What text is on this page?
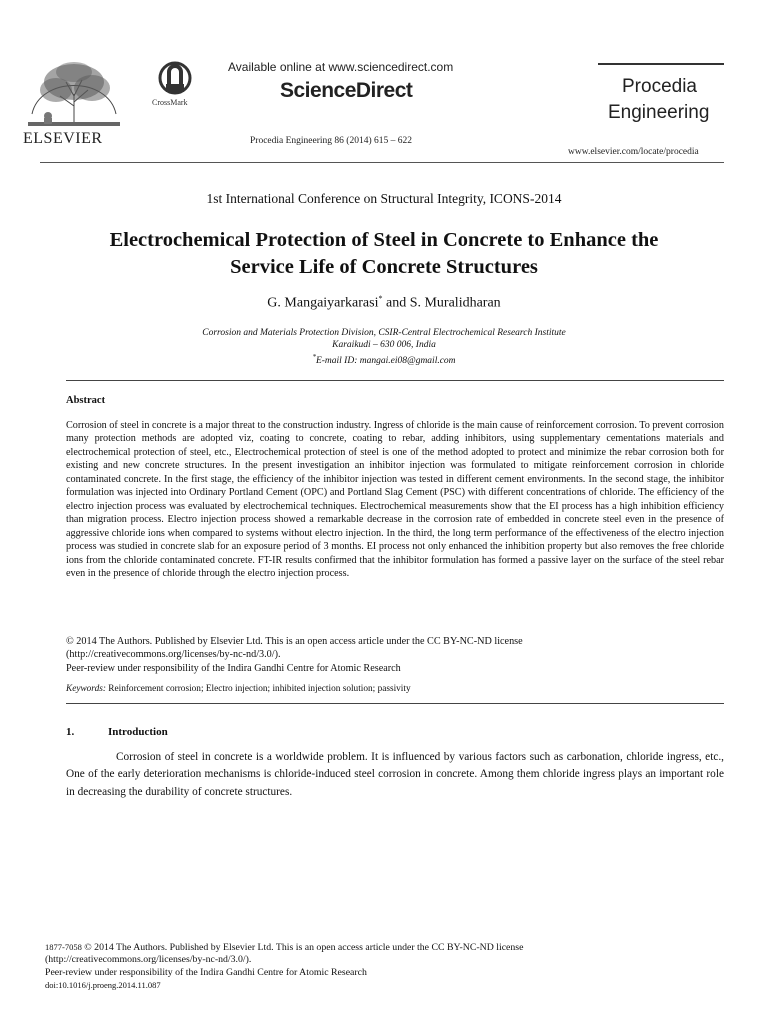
ELSEVIER
CrossMark
Available online at www.sciencedirect.com
ScienceDirect
Procedia Engineering 86 (2014) 615 – 622
Procedia
Engineering
www.elsevier.com/locate/procedia
1st International Conference on Structural Integrity, ICONS-2014
Electrochemical Protection of Steel in Concrete to Enhance the
Service Life of Concrete Structures
G. Mangaiyarkarasi* and S. Muralidharan
Corrosion and Materials Protection Division, CSIR-Central Electrochemical Research Institute
Karaikudi – 630 006, India
*E-mail ID: mangai.ei08@gmail.com
Abstract
Corrosion of steel in concrete is a major threat to the construction industry. Ingress of chloride is the main cause of reinforcement corrosion. To prevent corrosion many protection methods are adopted viz, coating to concrete, coating to rebar, adding inhibitors, using supplementary cementations materials and electrochemical protection of steel, etc., Electrochemical protection of steel is one of the method adopted to protect and minimize the rebar corrosion both for existing and new concrete structures. In the present investigation an inhibitor injection was formulated to mitigate reinforcement corrosion in chloride contaminated concrete. In the first stage, the efficiency of the inhibitor injection was tested in different cement environments. In the second stage, the inhibitor formulation was injected into Ordinary Portland Cement (OPC) and Portland Slag Cement (PSC) with different concentrations of chloride. The efficiency of the electro injection process was evaluated by electrochemical techniques. Electrochemical measurements show that the EI process has a high inhibition efficiency than migration process. Electro injection process showed a remarkable decrease in the corrosion rate of embedded in concrete steel even in the presence of aggressive chloride ions when compared to systems without electro injection. In the third, the long term performance of the effectiveness of the electro injection process was studied in concrete slab for an exposure period of 3 months. EI process not only enhanced the inhibition property but also removes the free chloride ions from the chloride contaminated concrete. FT-IR results confirmed that the inhibitor formulation has formed a passive layer on the surface of the steel rebar even in the presence of chloride through the electro injection process.
© 2014 The Authors. Published by Elsevier Ltd. This is an open access article under the CC BY-NC-ND license
(http://creativecommons.org/licenses/by-nc-nd/3.0/).
Peer-review under responsibility of the Indira Gandhi Centre for Atomic Research
Keywords: Reinforcement corrosion; Electro injection; inhibited injection solution; passivity
1.	Introduction
Corrosion of steel in concrete is a worldwide problem. It is influenced by various factors such as carbonation, chloride ingress, etc., One of the early deterioration mechanisms is chloride-induced steel corrosion in concrete. Among them chloride ingress plays an important role in decreasing the durability of concrete structures.
1877-7058 © 2014 The Authors. Published by Elsevier Ltd. This is an open access article under the CC BY-NC-ND license
(http://creativecommons.org/licenses/by-nc-nd/3.0/).
Peer-review under responsibility of the Indira Gandhi Centre for Atomic Research
doi:10.1016/j.proeng.2014.11.087
